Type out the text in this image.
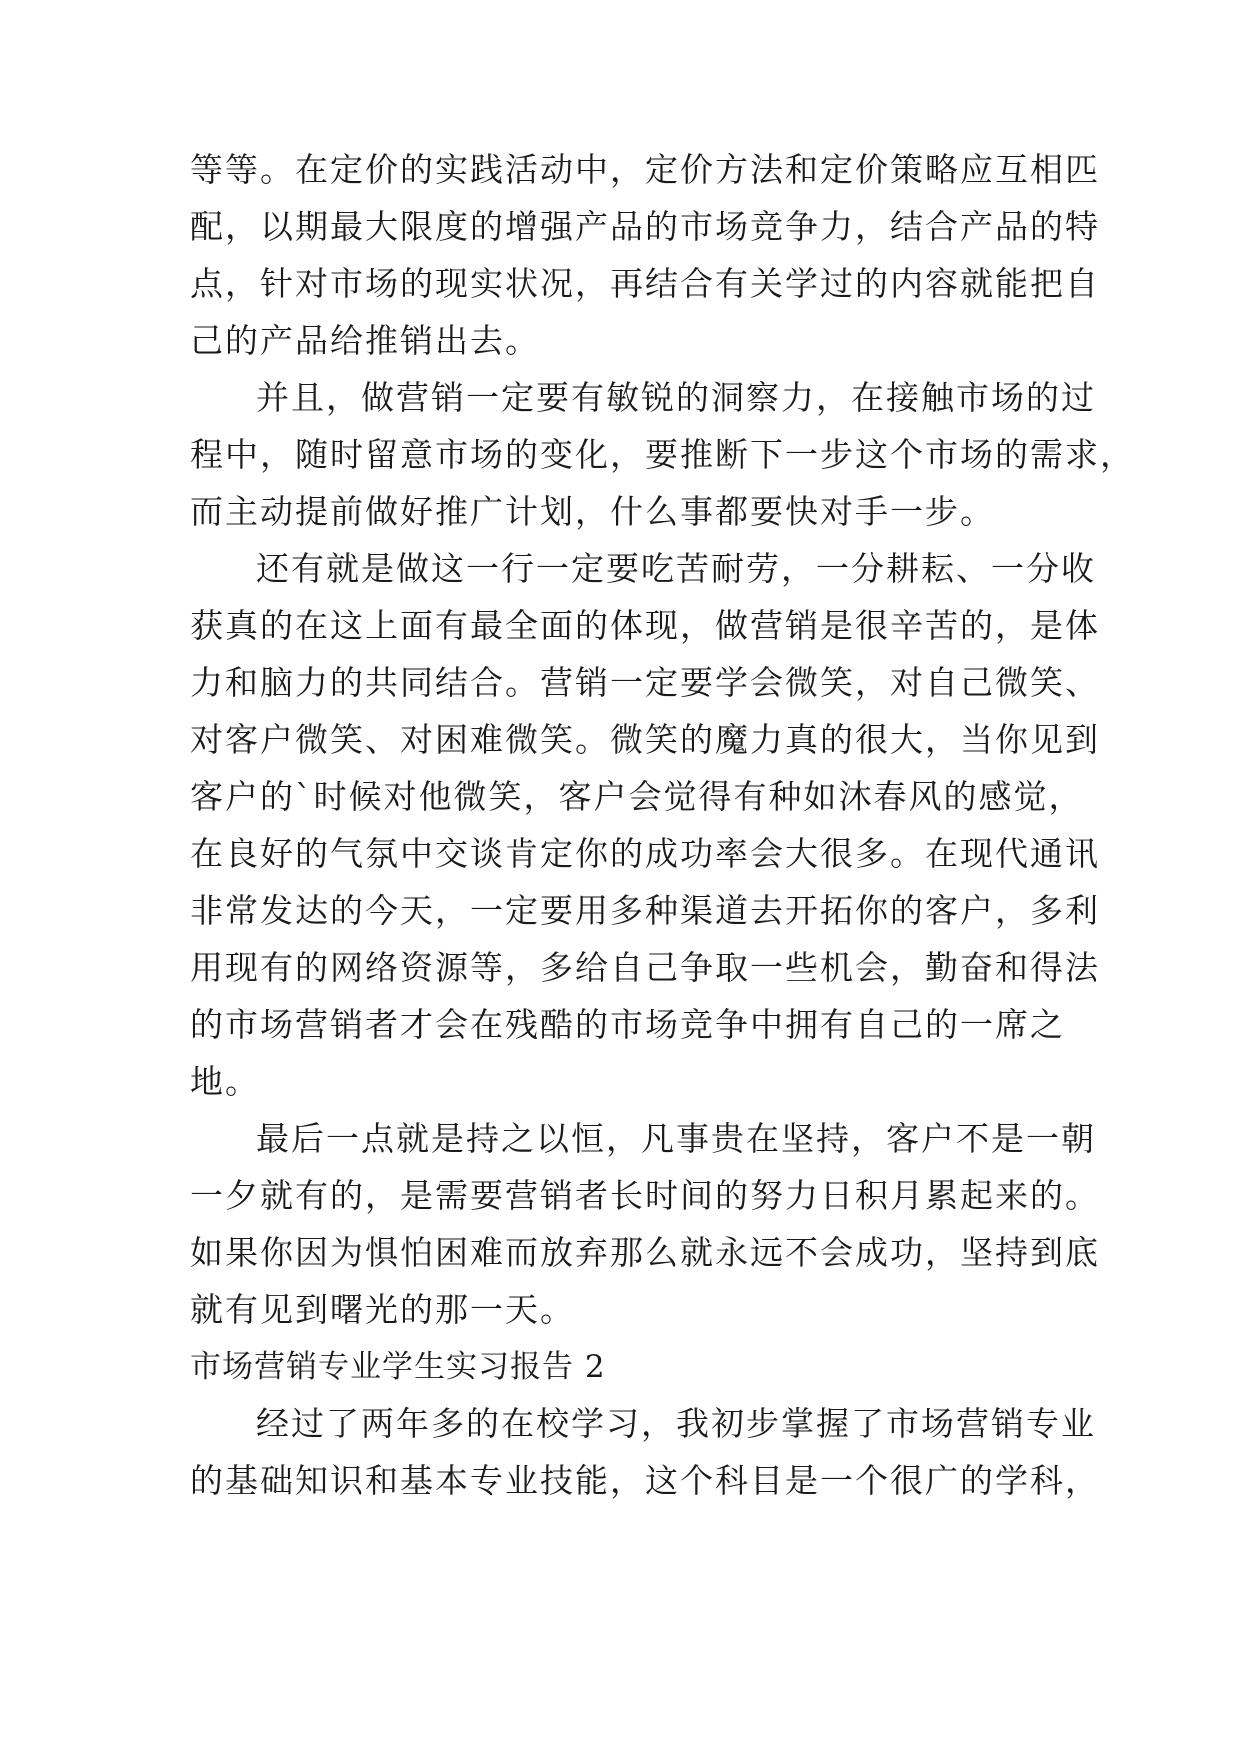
等等。在定价的实践活动中，定价方法和定价策略应互相匹
配，以期最大限度的增强产品的市场竞争力，结合产品的特
点，针对市场的现实状况，再结合有关学过的内容就能把自
己的产品给推销出去。
并且，做营销一定要有敏锐的洞察力，在接触市场的过
程中，随时留意市场的变化，要推断下一步这个市场的需求，
而主动提前做好推广计划，什么事都要快对手一步。
还有就是做这一行一定要吃苦耐劳，一分耕耘、一分收
获真的在这上面有最全面的体现，做营销是很辛苦的，是体
力和脑力的共同结合。营销一定要学会微笑，对自己微笑、
对客户微笑、对困难微笑。微笑的魔力真的很大，当你见到
客户的`时候对他微笑，客户会觉得有种如沐春风的感觉，
在良好的气氛中交谈肯定你的成功率会大很多。在现代通讯
非常发达的今天，一定要用多种渠道去开拓你的客户，多利
用现有的网络资源等，多给自己争取一些机会，勤奋和得法
的市场营销者才会在残酷的市场竞争中拥有自己的一席之
地。
最后一点就是持之以恒，凡事贵在坚持，客户不是一朝
一夕就有的，是需要营销者长时间的努力日积月累起来的。
如果你因为惧怕困难而放弃那么就永远不会成功，坚持到底
就有见到曙光的那一天。
市场营销专业学生实习报告 2
经过了两年多的在校学习，我初步掌握了市场营销专业
的基础知识和基本专业技能，这个科目是一个很广的学科，
